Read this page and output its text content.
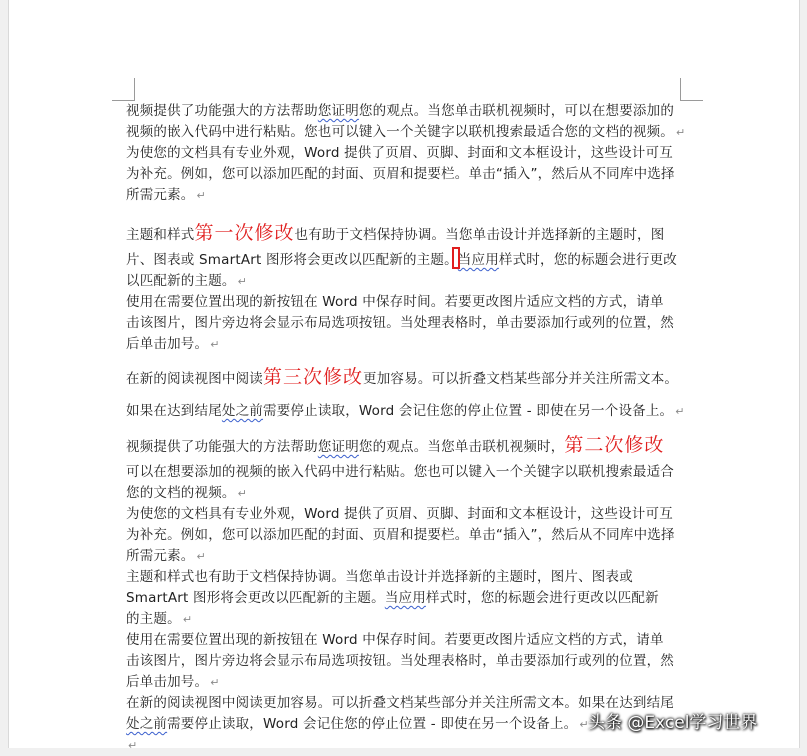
视频提供了功能强大的方法帮助您证明您的观点。当您单击联机视频时，可以在想要添加的
视频的嵌入代码中进行粘贴。您也可以键入一个关键字以联机搜索最适合您的文档的视频。 ↵
为使您的文档具有专业外观，Word 提供了页眉、页脚、封面和文本框设计，这些设计可互
为补充。例如，您可以添加匹配的封面、页眉和提要栏。单击“插入”，然后从不同库中选择
所需元素。 ↵
主题和样式第一次修改也有助于文档保持协调。当您单击设计并选择新的主题时，图
片、图表或 SmartArt 图形将会更改以匹配新的主题。当应用样式时，您的标题会进行更改
以匹配新的主题。 ↵
使用在需要位置出现的新按钮在 Word 中保存时间。若要更改图片适应文档的方式，请单
击该图片，图片旁边将会显示布局选项按钮。当处理表格时，单击要添加行或列的位置，然
后单击加号。 ↵
在新的阅读视图中阅读第三次修改更加容易。可以折叠文档某些部分并关注所需文本。
如果在达到结尾处之前需要停止读取，Word 会记住您的停止位置 - 即使在另一个设备上。 ↵
视频提供了功能强大的方法帮助您证明您的观点。当您单击联机视频时，第二次修改
可以在想要添加的视频的嵌入代码中进行粘贴。您也可以键入一个关键字以联机搜索最适合
您的文档的视频。 ↵
为使您的文档具有专业外观，Word 提供了页眉、页脚、封面和文本框设计，这些设计可互
为补充。例如，您可以添加匹配的封面、页眉和提要栏。单击“插入”，然后从不同库中选择
所需元素。 ↵
主题和样式也有助于文档保持协调。当您单击设计并选择新的主题时，图片、图表或
SmartArt 图形将会更改以匹配新的主题。当应用样式时，您的标题会进行更改以匹配新
的主题。 ↵
使用在需要位置出现的新按钮在 Word 中保存时间。若要更改图片适应文档的方式，请单
击该图片，图片旁边将会显示布局选项按钮。当处理表格时，单击要添加行或列的位置，然
后单击加号。 ↵
在新的阅读视图中阅读更加容易。可以折叠文档某些部分并关注所需文本。如果在达到结尾
处之前需要停止读取，Word 会记住您的停止位置 - 即使在另一个设备上。 ↵
↵
头条 @Excel学习世界
